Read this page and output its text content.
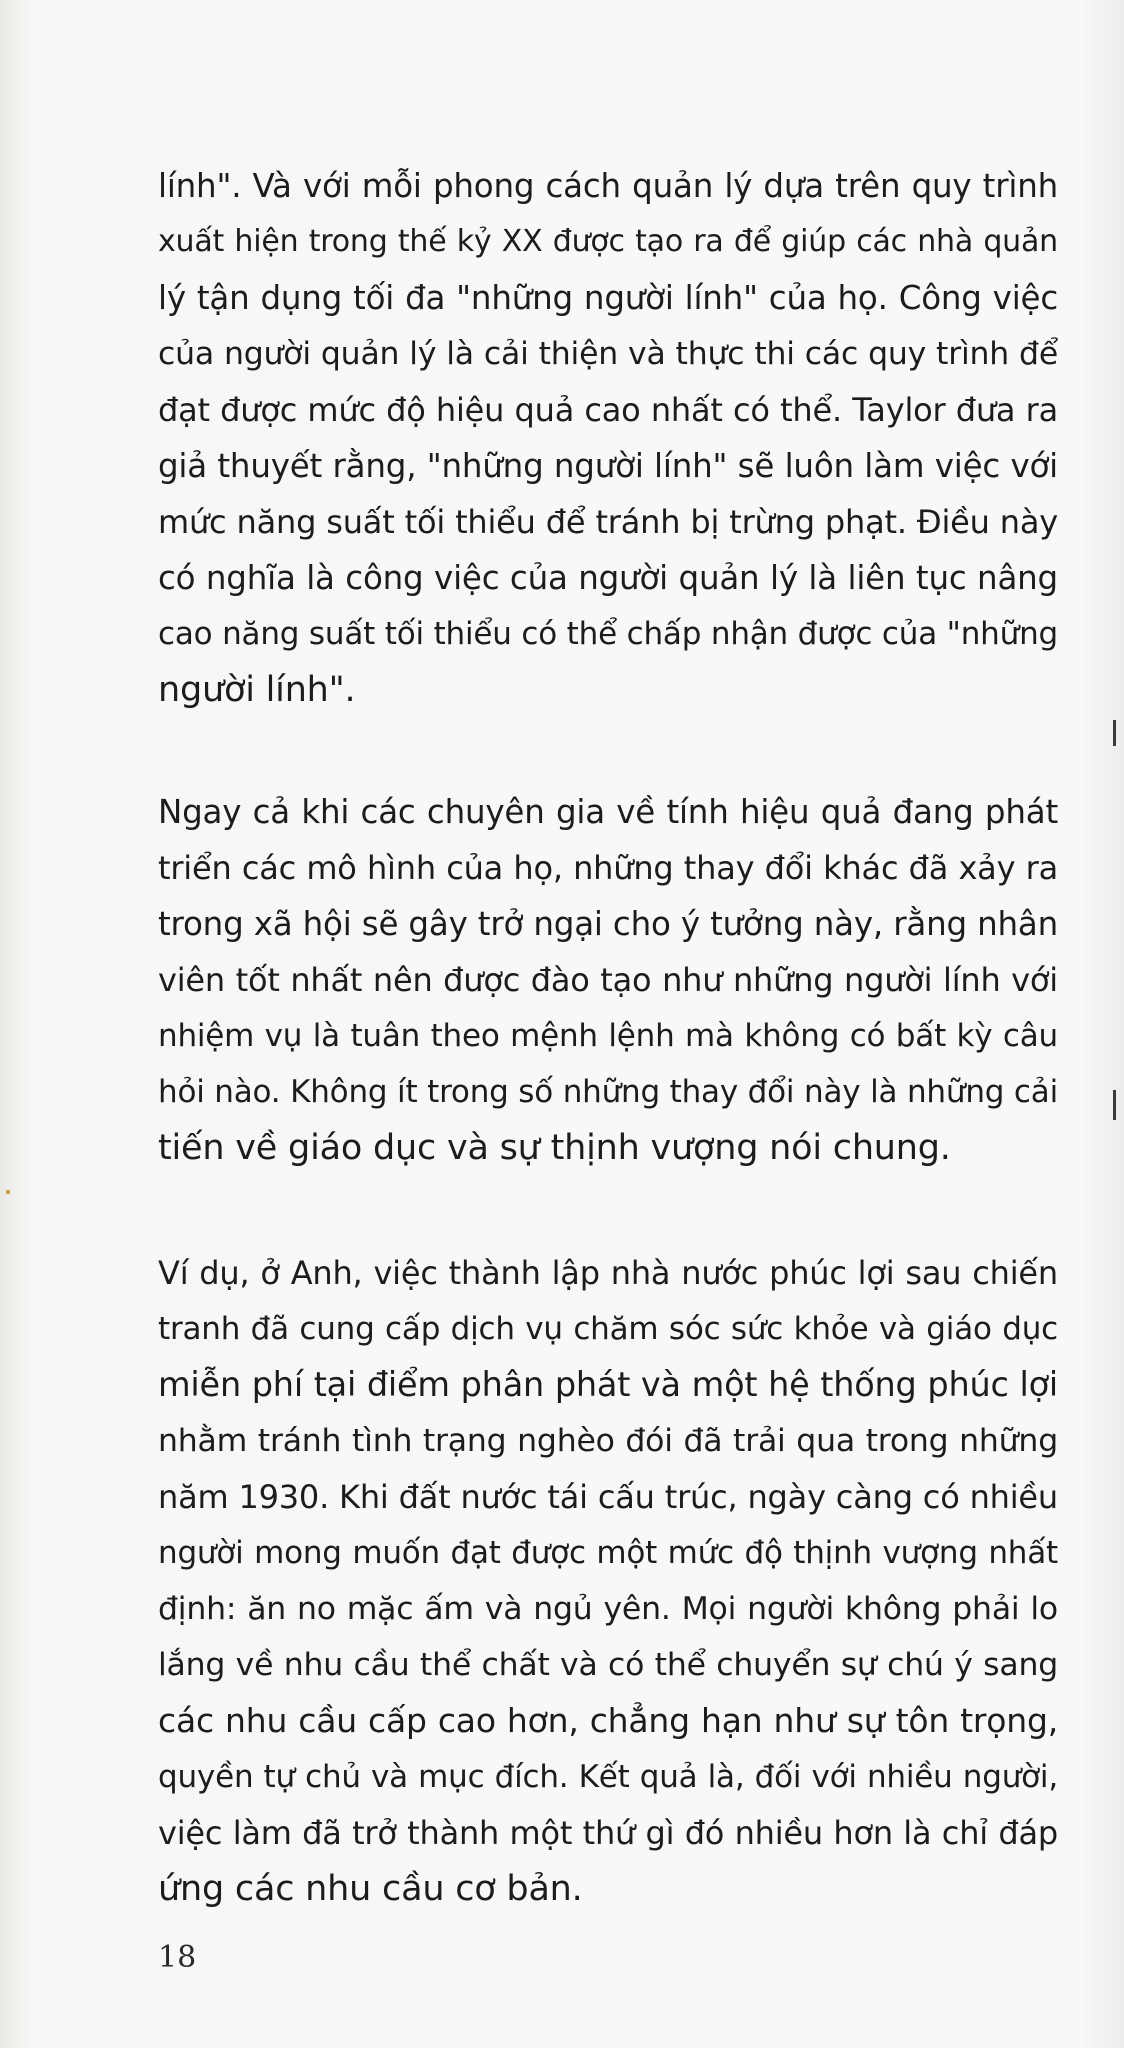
lính". Và với mỗi phong cách quản lý dựa trên quy trình
xuất hiện trong thế kỷ XX được tạo ra để giúp các nhà quản
lý tận dụng tối đa "những người lính" của họ. Công việc
của người quản lý là cải thiện và thực thi các quy trình để
đạt được mức độ hiệu quả cao nhất có thể. Taylor đưa ra
giả thuyết rằng, "những người lính" sẽ luôn làm việc với
mức năng suất tối thiểu để tránh bị trừng phạt. Điều này
có nghĩa là công việc của người quản lý là liên tục nâng
cao năng suất tối thiểu có thể chấp nhận được của "những
người lính".
Ngay cả khi các chuyên gia về tính hiệu quả đang phát
triển các mô hình của họ, những thay đổi khác đã xảy ra
trong xã hội sẽ gây trở ngại cho ý tưởng này, rằng nhân
viên tốt nhất nên được đào tạo như những người lính với
nhiệm vụ là tuân theo mệnh lệnh mà không có bất kỳ câu
hỏi nào. Không ít trong số những thay đổi này là những cải
tiến về giáo dục và sự thịnh vượng nói chung.
Ví dụ, ở Anh, việc thành lập nhà nước phúc lợi sau chiến
tranh đã cung cấp dịch vụ chăm sóc sức khỏe và giáo dục
miễn phí tại điểm phân phát và một hệ thống phúc lợi
nhằm tránh tình trạng nghèo đói đã trải qua trong những
năm 1930. Khi đất nước tái cấu trúc, ngày càng có nhiều
người mong muốn đạt được một mức độ thịnh vượng nhất
định: ăn no mặc ấm và ngủ yên. Mọi người không phải lo
lắng về nhu cầu thể chất và có thể chuyển sự chú ý sang
các nhu cầu cấp cao hơn, chẳng hạn như sự tôn trọng,
quyền tự chủ và mục đích. Kết quả là, đối với nhiều người,
việc làm đã trở thành một thứ gì đó nhiều hơn là chỉ đáp
ứng các nhu cầu cơ bản.
18
